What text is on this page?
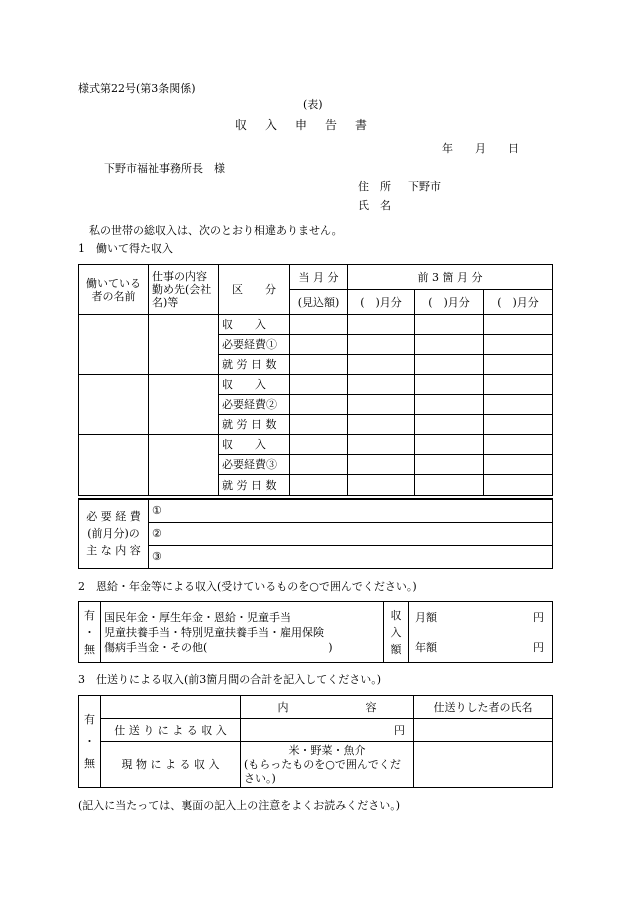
様式第22号(第3条関係)
(表)
収　入　申　告　書
年　　月　　日
下野市福祉事務所長　様
住　所 下野市
氏　名
私の世帯の総収入は、次のとおり相違ありません。
1　働いて得た収入
働いている者の名前	仕事の内容勤め先(会社名)等	区　　分	当 月 分	前 3 箇 月 分		
			(見込額)	(　)月分	(　)月分	(　)月分
		収　　入				
		必要経費①				
		就 労 日 数				
		収　　入				
		必要経費②				
		就 労 日 数				
		収　　入				
		必要経費③				
		就 労 日 数				
必 要 経 費(前月分)の主 な 内 容	①
②
③
2　恩給・年金等による収入(受けているものを○で囲んでください。)
有
・
無

国民年金・厚生年金・恩給・児童手当
児童扶養手当・特別児童扶養手当・雇用保険
傷病手当金・その他(　　　　　　　　　　　)

収
入
額

月額	円
年額	円
3　仕送りによる収入(前3箇月間の合計を記入してください。)
有
・
無		内　　　　　　　容	仕送りした者の氏名
	仕 送 り に よ る 収 入	円	
	現 物 に よ る 収 入	米・野菜・魚介
(もらったものを○で囲んでください。)	

(記入に当たっては、裏面の記入上の注意をよくお読みください。)
